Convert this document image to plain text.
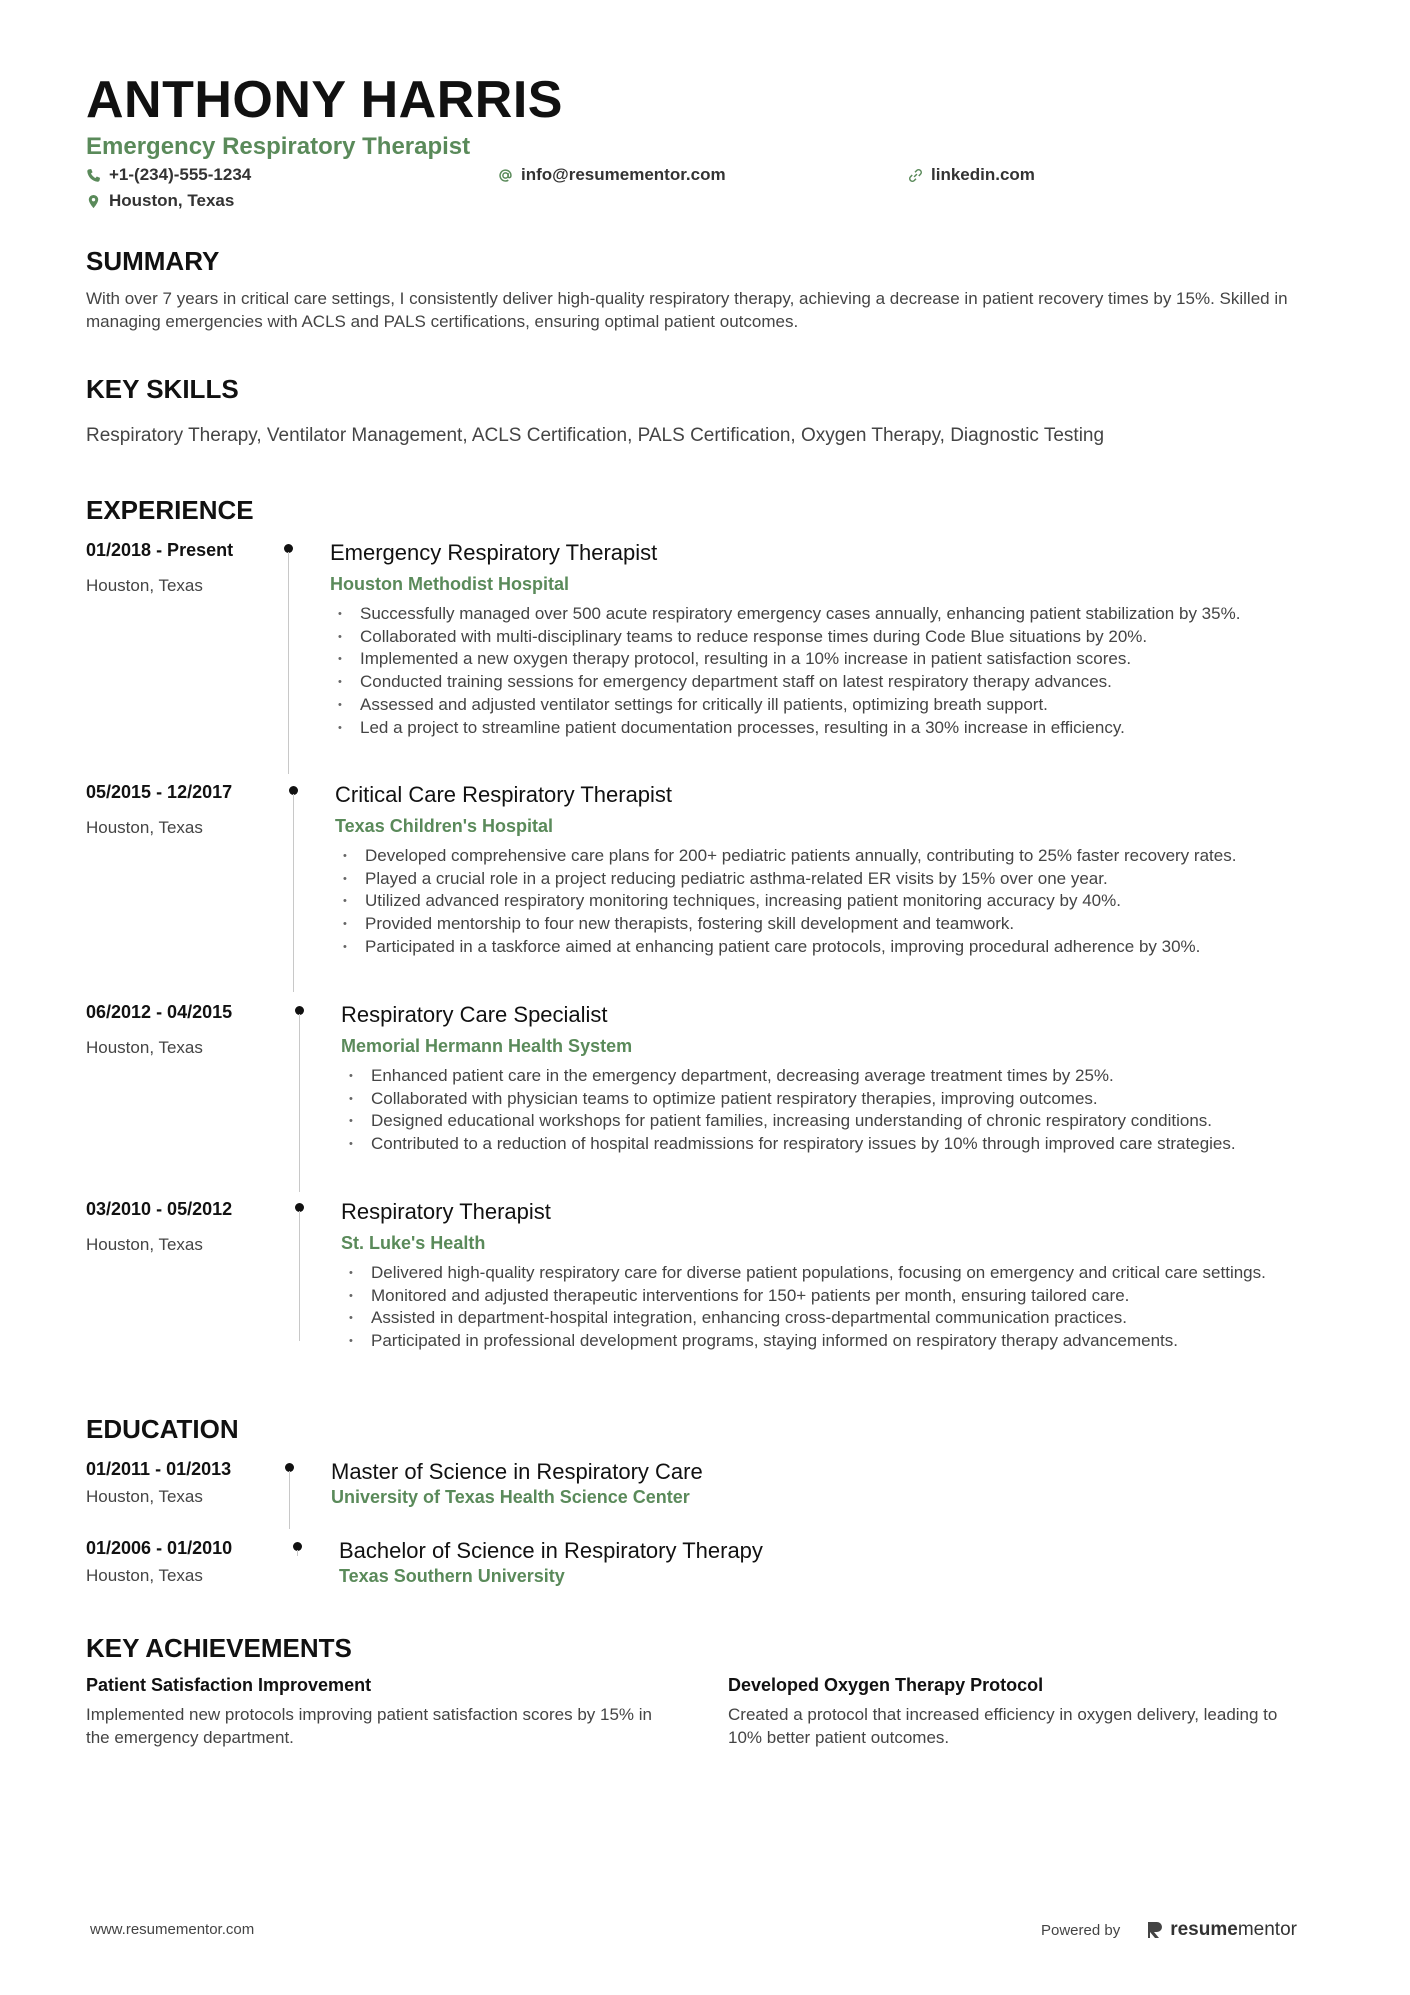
ANTHONY HARRIS
Emergency Respiratory Therapist
+1-(234)-555-1234	info@resumementor.com	linkedin.com
Houston, Texas
SUMMARY
With over 7 years in critical care settings, I consistently deliver high-quality respiratory therapy, achieving a decrease in patient recovery times by 15%. Skilled in managing emergencies with ACLS and PALS certifications, ensuring optimal patient outcomes.
KEY SKILLS
Respiratory Therapy, Ventilator Management, ACLS Certification, PALS Certification, Oxygen Therapy, Diagnostic Testing
EXPERIENCE
01/2018 - Present
Houston, Texas
Emergency Respiratory Therapist
Houston Methodist Hospital
• Successfully managed over 500 acute respiratory emergency cases annually, enhancing patient stabilization by 35%.
• Collaborated with multi-disciplinary teams to reduce response times during Code Blue situations by 20%.
• Implemented a new oxygen therapy protocol, resulting in a 10% increase in patient satisfaction scores.
• Conducted training sessions for emergency department staff on latest respiratory therapy advances.
• Assessed and adjusted ventilator settings for critically ill patients, optimizing breath support.
• Led a project to streamline patient documentation processes, resulting in a 30% increase in efficiency.
05/2015 - 12/2017
Houston, Texas
Critical Care Respiratory Therapist
Texas Children's Hospital
• Developed comprehensive care plans for 200+ pediatric patients annually, contributing to 25% faster recovery rates.
• Played a crucial role in a project reducing pediatric asthma-related ER visits by 15% over one year.
• Utilized advanced respiratory monitoring techniques, increasing patient monitoring accuracy by 40%.
• Provided mentorship to four new therapists, fostering skill development and teamwork.
• Participated in a taskforce aimed at enhancing patient care protocols, improving procedural adherence by 30%.
06/2012 - 04/2015
Houston, Texas
Respiratory Care Specialist
Memorial Hermann Health System
• Enhanced patient care in the emergency department, decreasing average treatment times by 25%.
• Collaborated with physician teams to optimize patient respiratory therapies, improving outcomes.
• Designed educational workshops for patient families, increasing understanding of chronic respiratory conditions.
• Contributed to a reduction of hospital readmissions for respiratory issues by 10% through improved care strategies.
03/2010 - 05/2012
Houston, Texas
Respiratory Therapist
St. Luke's Health
• Delivered high-quality respiratory care for diverse patient populations, focusing on emergency and critical care settings.
• Monitored and adjusted therapeutic interventions for 150+ patients per month, ensuring tailored care.
• Assisted in department-hospital integration, enhancing cross-departmental communication practices.
• Participated in professional development programs, staying informed on respiratory therapy advancements.
EDUCATION
01/2011 - 01/2013
Houston, Texas
Master of Science in Respiratory Care
University of Texas Health Science Center
01/2006 - 01/2010
Houston, Texas
Bachelor of Science in Respiratory Therapy
Texas Southern University
KEY ACHIEVEMENTS
Patient Satisfaction Improvement
Implemented new protocols improving patient satisfaction scores by 15% in the emergency department.
Developed Oxygen Therapy Protocol
Created a protocol that increased efficiency in oxygen delivery, leading to 10% better patient outcomes.
www.resumementor.com	Powered by	resumementor
